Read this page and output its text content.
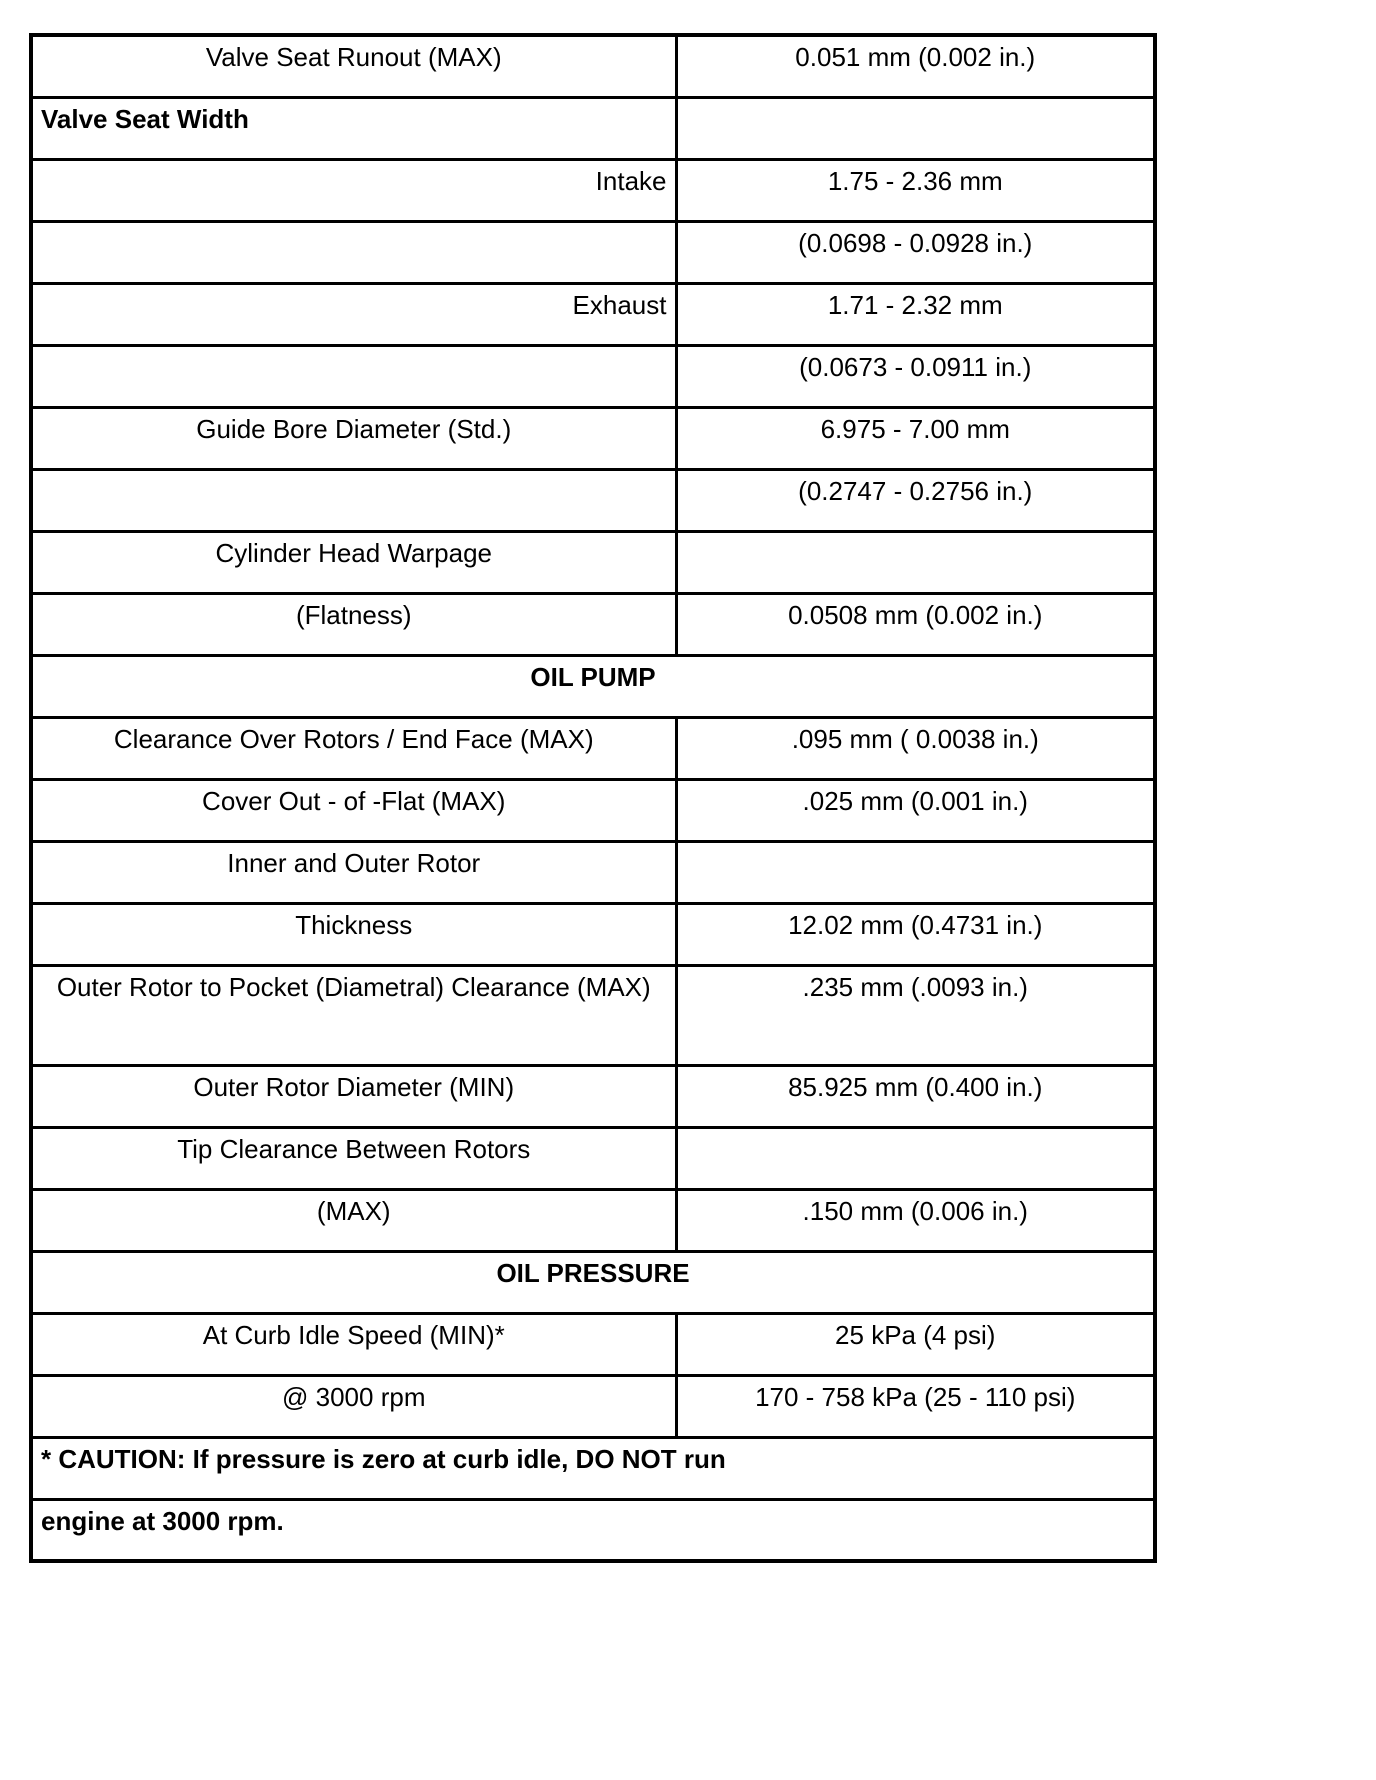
Valve Seat Runout (MAX)	0.051 mm (0.002 in.)
Valve Seat Width	
Intake	1.75 - 2.36 mm
	(0.0698 - 0.0928 in.)
Exhaust	1.71 - 2.32 mm
	(0.0673 - 0.0911 in.)
Guide Bore Diameter (Std.)	6.975 - 7.00 mm
	(0.2747 - 0.2756 in.)
Cylinder Head Warpage	
(Flatness)	0.0508 mm (0.002 in.)
OIL PUMP	
Clearance Over Rotors / End Face (MAX)	.095 mm ( 0.0038 in.)
Cover Out - of -Flat (MAX)	.025 mm (0.001 in.)
Inner and Outer Rotor	
Thickness	12.02 mm (0.4731 in.)
Outer Rotor to Pocket (Diametral) Clearance (MAX)	.235 mm (.0093 in.)
Outer Rotor Diameter (MIN)	85.925 mm (0.400 in.)
Tip Clearance Between Rotors	
(MAX)	.150 mm (0.006 in.)
OIL PRESSURE	
At Curb Idle Speed (MIN)*	25 kPa (4 psi)
@ 3000 rpm	170 - 758 kPa (25 - 110 psi)
* CAUTION: If pressure is zero at curb idle, DO NOT run	
engine at 3000 rpm.	
